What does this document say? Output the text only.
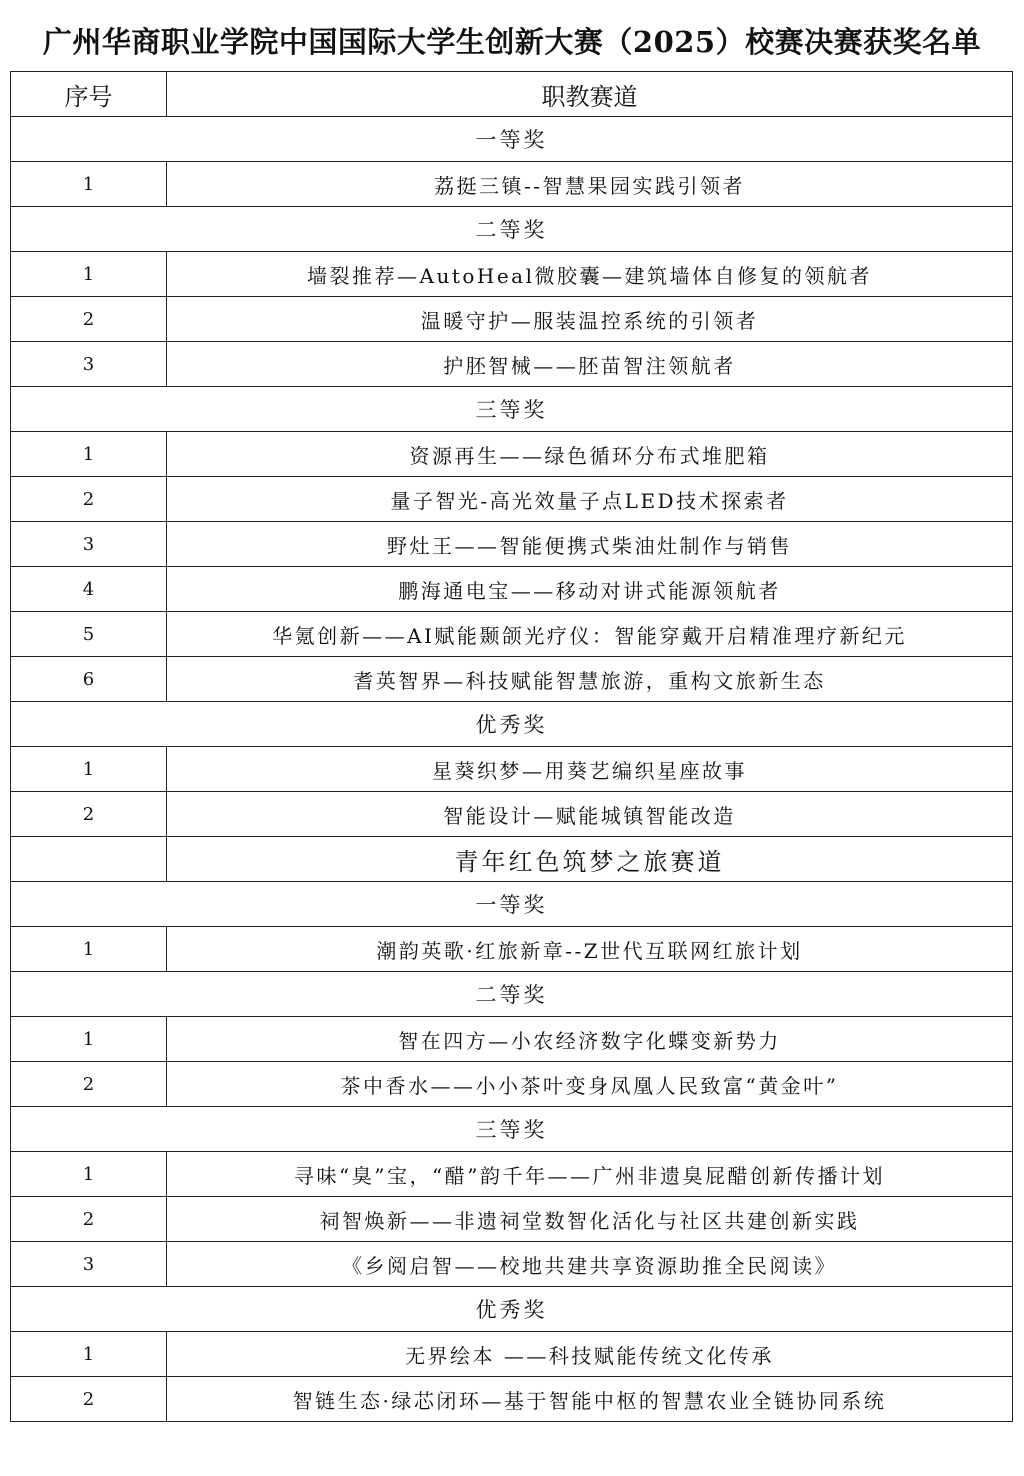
广州华商职业学院中国国际大学生创新大赛（2025）校赛决赛获奖名单
序号	职教赛道
一等奖	
1	荔挺三镇--智慧果园实践引领者
二等奖	
1	墙裂推荐—AutoHeal微胶囊—建筑墙体自修复的领航者
2	温暖守护—服装温控系统的引领者
3	护胚智械——胚苗智注领航者
三等奖	
1	资源再生——绿色循环分布式堆肥箱
2	量子智光-高光效量子点LED技术探索者
3	野灶王——智能便携式柴油灶制作与销售
4	鹏海通电宝——移动对讲式能源领航者
5	华氪创新——AI赋能颞颌光疗仪：智能穿戴开启精准理疗新纪元
6	耆英智界—科技赋能智慧旅游，重构文旅新生态
优秀奖	
1	星葵织梦—用葵艺编织星座故事
2	智能设计—赋能城镇智能改造
	青年红色筑梦之旅赛道
一等奖	
1	潮韵英歌·红旅新章--Z世代互联网红旅计划
二等奖	
1	智在四方—小农经济数字化蝶变新势力
2	茶中香水——小小茶叶变身凤凰人民致富“黄金叶”
三等奖	
1	寻味“臭”宝，“醋”韵千年——广州非遗臭屁醋创新传播计划
2	祠智焕新——非遗祠堂数智化活化与社区共建创新实践
3	《乡阅启智——校地共建共享资源助推全民阅读》
优秀奖	
1	无界绘本 ——科技赋能传统文化传承
2	智链生态·绿芯闭环—基于智能中枢的智慧农业全链协同系统
